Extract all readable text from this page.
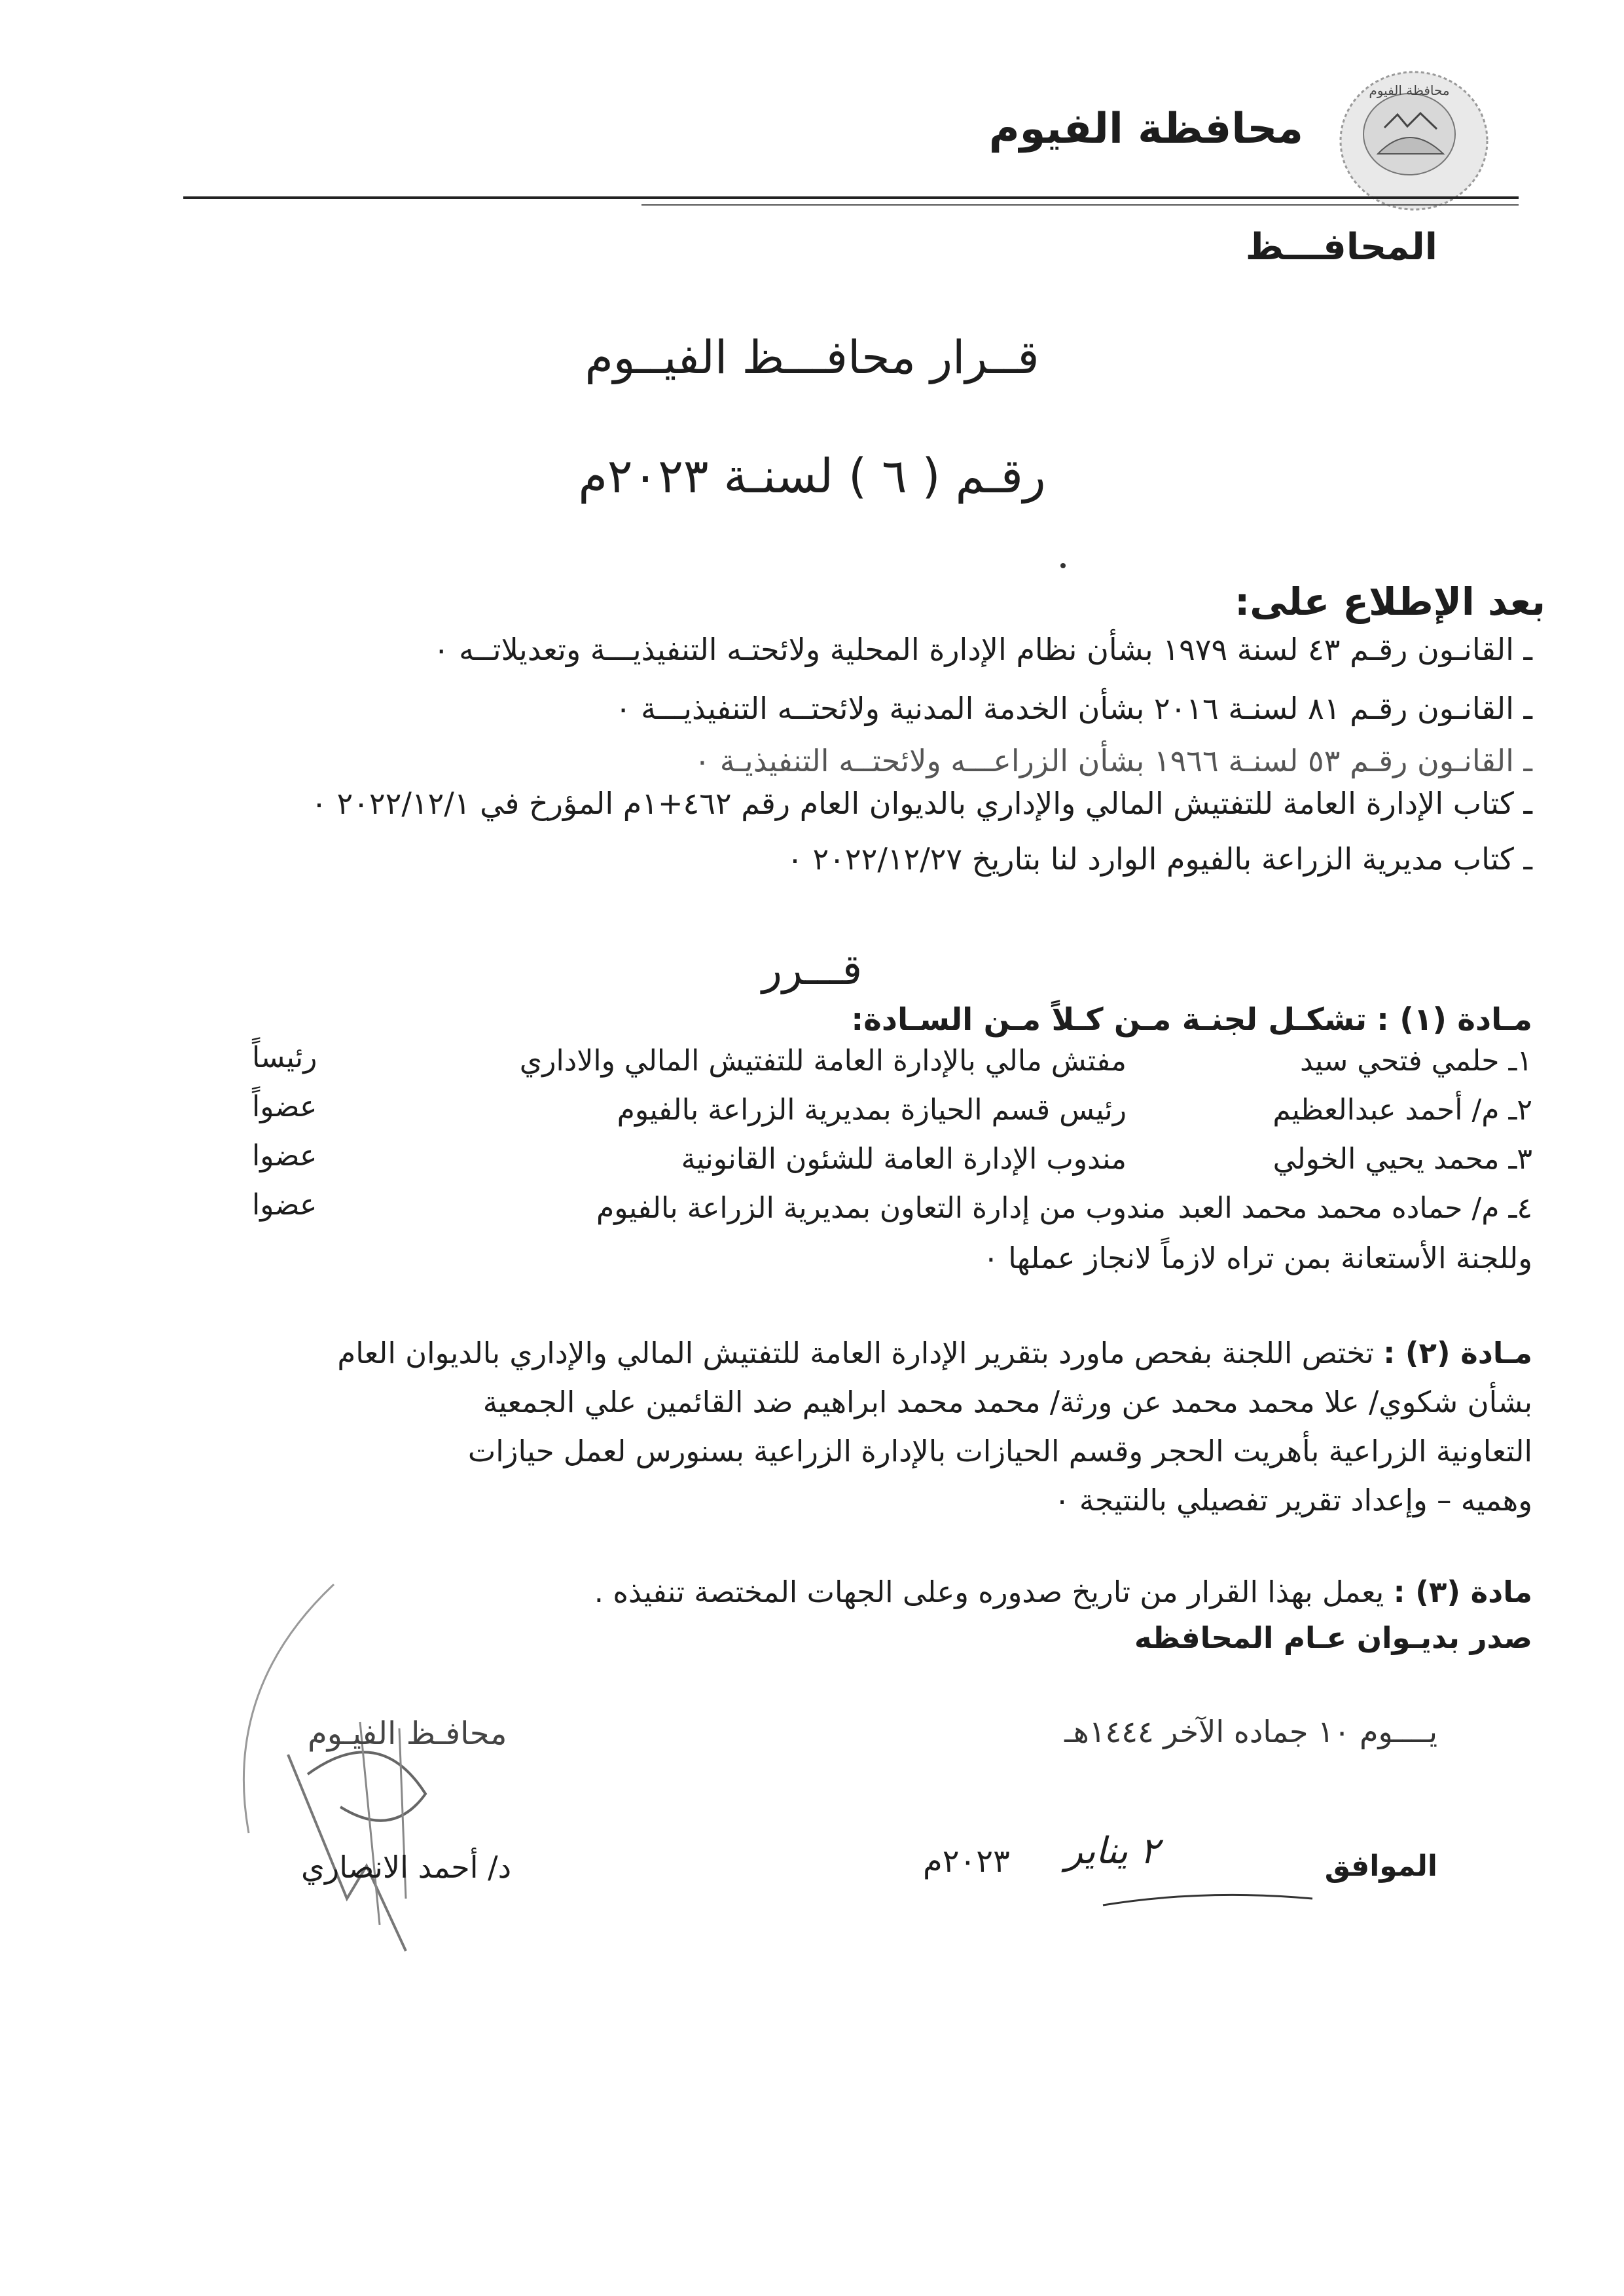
محافظة الفيوم
محافظة الفيوم
المحافـــظ
قــرار محافـــظ الفيــوم
رقـم ( ٦ ) لسنـة ٢٠٢٣م
بعد الإطلاع على:
ـ القانـون رقـم ٤٣ لسنة ١٩٧٩ بشأن نظام الإدارة المحلية ولائحتـه التنفيذيـــة وتعديلاتــه ٠
ـ القانـون رقـم ٨١ لسنـة ٢٠١٦ بشأن الخدمة المدنية ولائحتــه التنفيذيـــة ٠
ـ القانـون رقـم ٥٣ لسنـة ١٩٦٦ بشأن الزراعـــه ولائحتــه التنفيذيـة ٠
ـ كتاب الإدارة العامة للتفتيش المالي والإداري بالديوان العام رقم ٤٦٢+١م المؤرخ في ٢٠٢٢/١٢/١ ٠
ـ كتاب مديرية الزراعة بالفيوم الوارد لنا بتاريخ ٢٠٢٢/١٢/٢٧ ٠
قـــرر
مـادة (١) : تشكـل لجنـة مـن كـلاً مـن السـادة:
١ـ حلمي فتحي سيد
مفتش مالي بالإدارة العامة للتفتيش المالي والاداري
رئيساً
٢ـ م/ أحمد عبدالعظيم
رئيس قسم الحيازة بمديرية الزراعة بالفيوم
عضواً
٣ـ محمد يحيي الخولي
مندوب الإدارة العامة للشئون القانونية
عضوا
٤ـ م/ حماده محمد محمد العبد
مندوب من إدارة التعاون بمديرية الزراعة بالفيوم
عضوا
وللجنة الأستعانة بمن تراه لازماً لانجاز عملها ٠
مـادة (٢) : تختص اللجنة بفحص ماورد بتقرير الإدارة العامة للتفتيش المالي والإداري بالديوان العام
بشأن شكوي/ علا محمد محمد عن ورثة/ محمد محمد ابراهيم ضد القائمين علي الجمعية
التعاونية الزراعية بأهريت الحجر وقسم الحيازات بالإدارة الزراعية بسنورس لعمل حيازات
وهميه – وإعداد تقرير تفصيلي بالنتيجة ٠
مادة (٣) : يعمل بهذا القرار من تاريخ صدوره وعلى الجهات المختصة تنفيذه .
صدر بديـوان عـام المحافظه
محافـظ الفيـوم
د/ أحمد الانصاري
يــــوم ١٠ جماده الآخر ١٤٤٤هـ
الموافق
٢ يناير
٢٠٢٣م
